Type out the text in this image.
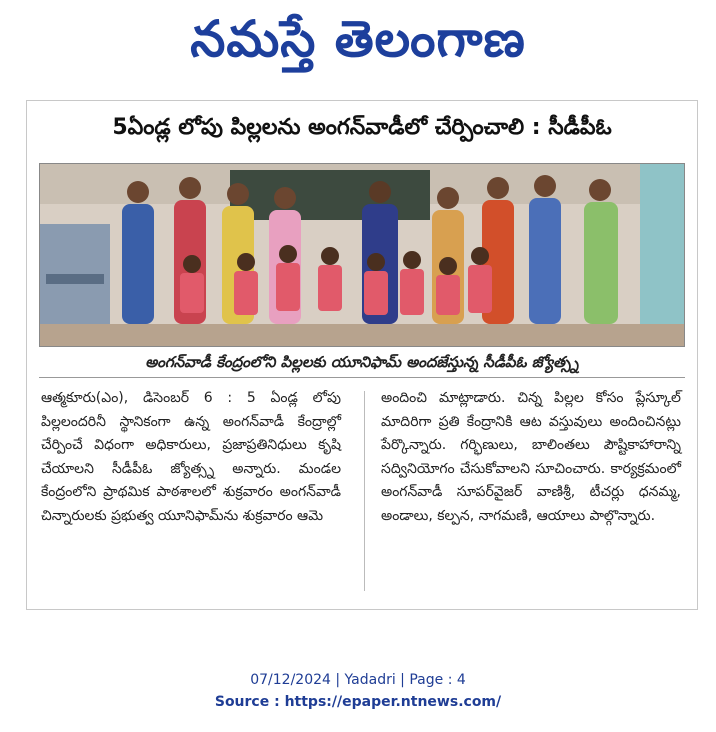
నమస్తే తెలంగాణ
5ఏండ్ల లోపు పిల్లలను అంగన్‌వాడీలో చేర్పించాలి : సీడీపీఓ
అంగన్‌వాడీ కేంద్రంలోని పిల్లలకు యూనిఫామ్ అందజేస్తున్న సీడీపీఓ జ్యోత్స్న
ఆత్మకూరు(ఎం), డిసెంబర్ 6 : 5 ఏండ్ల లోపు పిల్లలందరినీ స్థానికంగా ఉన్న అంగన్‌వాడీ కేంద్రాల్లో చేర్పించే విధంగా అధికారులు, ప్రజాప్రతినిధులు కృషి చేయాలని సీడీపీఓ జ్యోత్స్న అన్నారు. మండల కేంద్రంలోని ప్రాథమిక పాఠశాలలో శుక్రవారం అంగన్‌వాడీ చిన్నారులకు ప్రభుత్వ యూనిఫామ్‌ను శుక్రవారం ఆమె
అందించి మాట్లాడారు. చిన్న పిల్లల కోసం ప్లేస్కూల్ మాదిరిగా ప్రతి కేంద్రానికి ఆట వస్తువులు అందించినట్లు పేర్కొన్నారు. గర్భిణులు, బాలింతలు పౌష్టికాహారాన్ని సద్వినియోగం చేసుకోవాలని సూచించారు. కార్యక్రమంలో అంగన్‌వాడీ సూపర్‌వైజర్ వాణిశ్రీ, టీచర్లు ధనమ్మ, అండాలు, కల్పన, నాగమణి, ఆయాలు పాల్గొన్నారు.
07/12/2024 | Yadadri | Page : 4
Source : https://epaper.ntnews.com/
